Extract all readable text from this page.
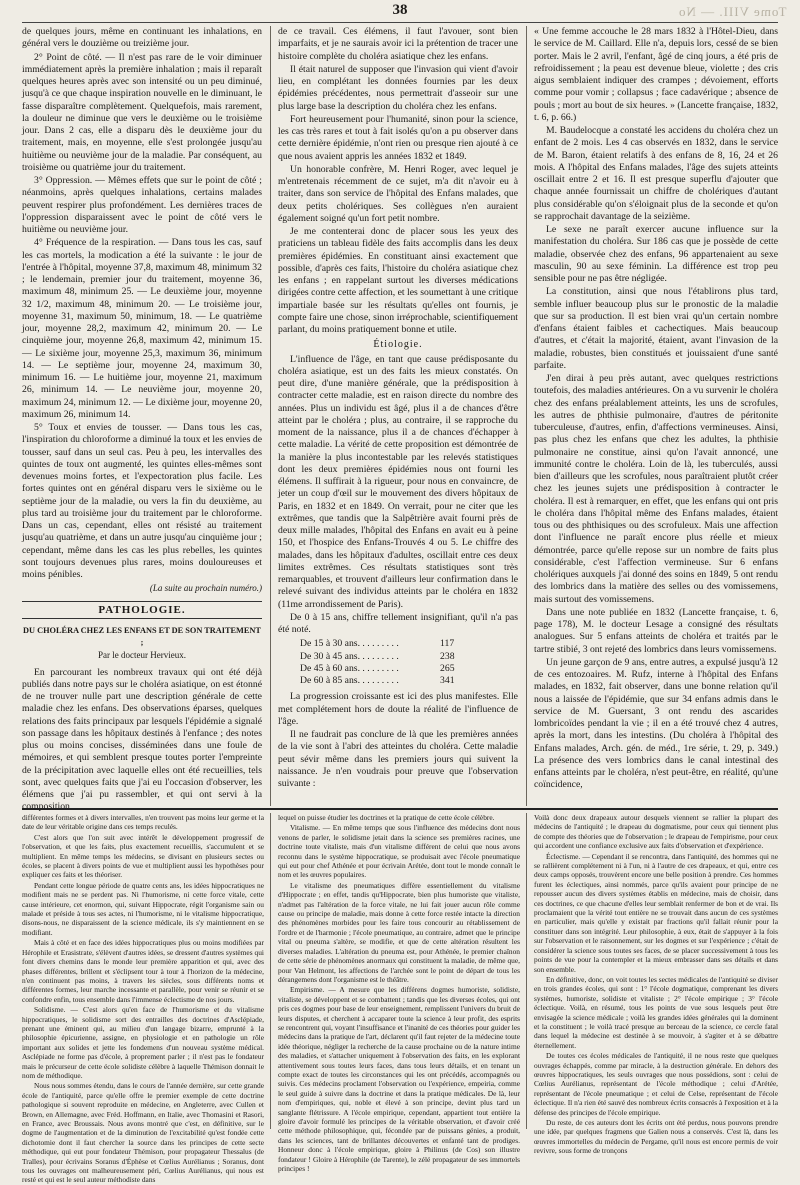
38	Tome VIII. — No

de quelques jours, même en continuant les inhalations, en général vers le douzième ou treizième jour.

2° Point de côté. — Il n'est pas rare de le voir diminuer immédiatement après la première inhalation ; mais il reparaît quelques heures après avec son intensité ou un peu diminué, jusqu'à ce que chaque inspiration nouvelle en le diminuant, le fasse disparaître complètement. Quelquefois, mais rarement, la douleur ne diminue que vers le deuxième ou le troisième jour. Dans 2 cas, elle a disparu dès le deuxième jour du traitement, mais, en moyenne, elle s'est prolongée jusqu'au huitième ou neuvième jour de la maladie. Par conséquent, au troisième ou quatrième jour du traitement.

3° Oppression. — Mêmes effets que sur le point de côté ; néanmoins, après quelques inhalations, certains malades peuvent respirer plus profondément. Les dernières traces de l'oppression disparaissent avec le point de côté vers le huitième ou neuvième jour.

4° Fréquence de la respiration. — Dans tous les cas, sauf les cas mortels, la modication a été la suivante : le jour de l'entrée à l'hôpital, moyenne 37,8, maximum 48, minimum 32 ; le lendemain, premier jour du traitement, moyenne 36, maximum 48, minimum 25. — Le deuxième jour, moyenne 32 1/2, maximum 48, minimum 20. — Le troisième jour, moyenne 31, maximum 50, minimum, 18. — Le quatrième jour, moyenne 28,2, maximum 42, minimum 20. — Le cinquième jour, moyenne 26,8, maximum 42, minimum 15. — Le sixième jour, moyenne 25,3, maximum 36, minimum 14. — Le septième jour, moyenne 24, maximum 30, minimum 16. — Le huitième jour, moyenne 21, maximum 26, minimum 14. — Le neuvième jour, moyenne 20, maximum 24, minimum 12. — Le dixième jour, moyenne 20, maximum 26, minimum 14.

5° Toux et envies de tousser. — Dans tous les cas, l'inspiration du chloroforme a diminué la toux et les envies de tousser, sauf dans un seul cas. Peu à peu, les intervalles des quintes de toux ont augmenté, les quintes elles-mêmes sont devenues moins fortes, et l'expectoration plus facile. Les fortes quintes ont en général disparu vers le sixième ou le septième jour de la maladie, ou vers la fin du deuxième, au plus tard au troisième jour du traitement par le chloroforme. Dans un cas, cependant, elles ont résisté au traitement jusqu'au quatrième, et dans un autre jusqu'au cinquième jour ; cependant, même dans les cas les plus rebelles, les quintes sont toujours devenues plus rares, moins douloureuses et moins pénibles.

(La suite au prochain numéro.)
PATHOLOGIE.
DU CHOLÉRA CHEZ LES ENFANS ET DE SON TRAITEMENT ;
Par le docteur Hervieux.

En parcourant les nombreux travaux qui ont été déjà publiés dans notre pays sur le choléra asiatique, on est étonné de ne trouver nulle part une description générale de cette maladie chez les enfans. Des observations éparses, quelques relations des faits principaux par lesquels l'épidémie a signalé son passage dans les hôpitaux destinés à l'enfance ; des notes plus ou moins concises, disséminées dans une foule de mémoires, et qui semblent presque toutes porter l'empreinte de la précipitation avec laquelle elles ont été recueillies, tels sont, avec quelques faits que j'ai eu l'occasion d'observer, les élémens que j'ai pu rassembler, et qui ont servi à la composition

de ce travail. Ces élémens, il faut l'avouer, sont bien imparfaits, et je ne saurais avoir ici la prétention de tracer une histoire complète du choléra asiatique chez les enfans.

Il était naturel de supposer que l'invasion qui vient d'avoir lieu, en complétant les données fournies par les deux épidémies précédentes, nous permettrait d'asseoir sur une plus large base la description du choléra chez les enfans.

Fort heureusement pour l'humanité, sinon pour la science, les cas très rares et tout à fait isolés qu'on a pu observer dans cette dernière épidémie, n'ont rien ou presque rien ajouté à ce que nous avaient appris les années 1832 et 1849.

Un honorable confrère, M. Henri Roger, avec lequel je m'entretenais récemment de ce sujet, m'a dit n'avoir eu à traiter, dans son service de l'hôpital des Enfans malades, que deux petits cholériques. Ses collègues n'en auraient également soigné qu'un fort petit nombre.

Je me contenterai donc de placer sous les yeux des praticiens un tableau fidèle des faits accomplis dans les deux premières épidémies. En constituant ainsi exactement que possible, d'après ces faits, l'histoire du choléra asiatique chez les enfans ; en rappelant surtout les diverses médications dirigées contre cette affection, et les soumettant à une critique impartiale basée sur les résultats qu'elles ont fournis, je compte faire une chose, sinon irréprochable, scientifiquement parlant, du moins pratiquement bonne et utile.

Étiologie.

L'influence de l'âge, en tant que cause prédisposante du choléra asiatique, est un des faits les mieux constatés. On peut dire, d'une manière générale, que la prédisposition à contracter cette maladie, est en raison directe du nombre des années. Plus un individu est âgé, plus il a de chances d'être atteint par le choléra ; plus, au contraire, il se rapproche du moment de la naissance, plus il a de chances d'échapper à cette maladie. La vérité de cette proposition est démontrée de la manière la plus incontestable par les relevés statistiques dont les deux premières épidémies nous ont fourni les élémens. Il suffirait à la rigueur, pour nous en convaincre, de jeter un coup d'œil sur le mouvement des divers hôpitaux de Paris, en 1832 et en 1849. On verrait, pour ne citer que les extrêmes, que tandis que la Salpêtrière avait fourni près de deux mille malades, l'hôpital des Enfans en avait eu à peine 150, et l'hospice des Enfans-Trouvés 4 ou 5. Le chiffre des malades, dans les hôpitaux d'adultes, oscillait entre ces deux limites extrêmes. Ces résultats statistiques sont très remarquables, et trouvent d'ailleurs leur confirmation dans le relevé suivant des individus atteints par le choléra en 1832 (11me arrondissement de Paris).

De 0 à 15 ans, chiffre tellement insignifiant, qu'il n'a pas été noté.

De 15 à 30 ans. . . . . . . . .	117
De 30 à 45 ans. . . . . . . . .	238
De 45 à 60 ans. . . . . . . . .	265
De 60 à 85 ans. . . . . . . . .	341

La progression croissante est ici des plus manifestes. Elle met complétement hors de doute la réalité de l'influence de l'âge.

Il ne faudrait pas conclure de là que les premières années de la vie sont à l'abri des atteintes du choléra. Cette maladie peut sévir même dans les premiers jours qui suivent la naissance. Je n'en voudrais pour preuve que l'observation suivante :

« Une femme accouche le 28 mars 1832 à l'Hôtel-Dieu, dans le service de M. Caillard. Elle n'a, depuis lors, cessé de se bien porter. Mais le 2 avril, l'enfant, âgé de cinq jours, a été pris de refroidissement ; la peau est devenue bleue, violette ; des cris aigus semblaient indiquer des crampes ; dévoiement, efforts comme pour vomir ; collapsus ; face cadavérique ; absence de pouls ; mort au bout de six heures. » (Lancette française, 1832, t. 6, p. 66.)

M. Baudelocque a constaté les accidens du choléra chez un enfant de 2 mois. Les 4 cas observés en 1832, dans le service de M. Baron, étaient relatifs à des enfans de 8, 16, 24 et 26 mois. A l'hôpital des Enfans malades, l'âge des sujets atteints oscillait entre 2 et 16. Il est presque superflu d'ajouter que chaque année fournissait un chiffre de cholériques d'autant plus considérable qu'on s'éloignait plus de la seconde et qu'on se rapprochait davantage de la seizième.

Le sexe ne paraît exercer aucune influence sur la manifestation du choléra. Sur 186 cas que je possède de cette maladie, observée chez des enfans, 96 appartenaient au sexe masculin, 90 au sexe féminin. La différence est trop peu sensible pour ne pas être négligée.

La constitution, ainsi que nous l'établirons plus tard, semble influer beaucoup plus sur le pronostic de la maladie que sur sa production. Il est bien vrai qu'un certain nombre d'enfans étaient faibles et cachectiques. Mais beaucoup d'autres, et c'était la majorité, étaient, avant l'invasion de la maladie, robustes, bien constitués et jouissaient d'une santé parfaite.

J'en dirai à peu près autant, avec quelques restrictions toutefois, des maladies antérieures. On a vu survenir le choléra chez des enfans préalablement atteints, les uns de scrofules, les autres de phthisie pulmonaire, d'autres de péritonite tuberculeuse, d'autres, enfin, d'affections vermineuses. Ainsi, pas plus chez les enfans que chez les adultes, la phthisie pulmonaire ne constitue, ainsi qu'on l'avait annoncé, une immunité contre le choléra. Loin de là, les tuberculés, aussi bien d'ailleurs que les scrofules, nous paraîtraient plutôt créer chez les jeunes sujets une prédisposition à contracter le choléra. Il est à remarquer, en effet, que les enfans qui ont pris le choléra dans l'hôpital même des Enfans malades, étaient tous ou des phthisiques ou des scrofuleux. Mais une affection dont l'influence ne paraît encore plus réelle et mieux démontrée, parce qu'elle repose sur un nombre de faits plus considérable, c'est l'affection vermineuse. Sur 6 enfans cholériques auxquels j'ai donné des soins en 1849, 5 ont rendu des lombrics dans la matière des selles ou des vomissemens, mais surtout des vomissemens.

Dans une note publiée en 1832 (Lancette française, t. 6, page 178), M. le docteur Lesage a consigné des résultats analogues. Sur 5 enfans atteints de choléra et traités par le tartre stibié, 3 ont rejeté des lombrics dans leurs vomissemens.

Un jeune garçon de 9 ans, entre autres, a expulsé jusqu'à 12 de ces entozoaires. M. Rufz, interne à l'hôpital des Enfans malades, en 1832, fait observer, dans une bonne relation qu'il nous a laissée de l'épidémie, que sur 34 enfans admis dans le service de M. Guersant, 3 ont rendu des ascarides lombricoïdes pendant la vie ; il en a été trouvé chez 4 autres, après la mort, dans les intestins. (Du choléra à l'hôpital des Enfans malades, Arch. gén. de méd., 1re série, t. 29, p. 349.) La présence des vers lombrics dans le canal intestinal des enfans atteints par le choléra, n'est peut-être, en réalité, qu'une coïncidence,

différentes formes et à divers intervalles, n'en trouvent pas moins leur germe et la date de leur véritable origine dans ces temps reculés.

C'est alors que l'on suit avec intérêt le développement progressif de l'observation, et que les faits, plus exactement recueillis, s'accumulent et se multiplient. En même temps les médecins, se divisant en plusieurs sectes ou écoles, se placent à divers points de vue et multiplient aussi les hypothèses pour expliquer ces faits et les théoriser.

Pendant cette longue période de quatre cents ans, les idées hippocratiques ne modifient mais ne se perdent pas. Ni l'humorisme, ni cette force vitale, cette cause intérieure, cet enormon, qui, suivant Hippocrate, régit l'organisme sain ou malade et préside à tous ses actes, ni l'humorisme, ni le vitalisme hippocratique, disons-nous, ne disparaissent de la science médicale, ils s'y maintiennent en se modifiant.

Mais à côté et en face des idées hippocratiques plus ou moins modifiées par Hérophile et Erasistrate, s'élèvent d'autres idées, se dressent d'autres systèmes qui font divers chemins dans le monde leur première apparition et qui, avec des phases différentes, brillent et s'éclipsent tour à tour à l'horizon de la médecine, n'en continuent pas moins, à travers les siècles, sous différents noms et différentes formes, leur marche incessante et parallèle, pour venir se réunir et se confondre enfin, tous ensemble dans l'immense éclectisme de nos jours.

Solidisme. — C'est alors qu'en face de l'humorisme et du vitalisme hippocratiques, le solidisme sort des entrailles des doctrines d'Asclépiade, prenant une éminent qui, au milieu d'un langage bizarre, emprunté à la philosophie épicurienne, assigne, en physiologie et en pathologie un rôle important aux solides et jette les fondemens d'un nouveau système médical. Asclépiade ne forme pas d'école, à proprement parler ; il n'est pas le fondateur mais le précurseur de cette école solidiste célèbre à laquelle Thémison donnait le nom de méthodique.

Nous nous sommes étendu, dans le cours de l'année dernière, sur cette grande école de l'antiquité, parce qu'elle offre le premier exemple de cette doctrine pathologique si souvent reproduite en médecine, en Angleterre, avec Cullen et Brown, en Allemagne, avec Fréd. Hoffmann, en Italie, avec Thomasini et Rasori, en France, avec Broussais. Nous avons montré que c'est, en définitive, sur le dogme de l'augmentation et de la diminution de l'excitabilité qu'est fondée cette dichotomie dont il faut chercher la source dans les principes de cette secte méthodique, qui eut pour fondateur Thémison, pour propagateur Thessalus (de Tralles), pour écrivains Soranus d'Éphèse et Cœlius Aurélianus ; Soranus, dont tous les ouvrages ont malheureusement péri, Cœlius Aurélianus, qui nous est resté et qui est le seul auteur méthodiste dans

lequel on puisse étudier les doctrines et la pratique de cette école célèbre.

Vitalisme. — En même temps que sous l'influence des médecins dont nous venons de parler, le solidisme jetait dans la science ses premières racines, une doctrine toute vitaliste, mais d'un vitalisme différent de celui que nous avons reconnu dans le système hippocratique, se produisait avec l'école pneumatique qui eut pour chef Athénée et pour écrivain Arétée, dont tout le monde connaît le nom et les œuvres populaires.

Le vitalisme des pneumatiques diffère essentiellement du vitalisme d'Hippocrate ; en effet, tandis qu'Hippocrate, bien plus humoriste que vitaliste, n'admet pas l'altération de la force vitale, ne lui fait jouer aucun rôle comme cause ou principe de maladie, mais donne à cette force restée intacte la direction des phénomènes morbides pour les faire tous concourir au rétablissement de l'ordre et de l'harmonie ; l'école pneumatique, au contraire, admet que le principe vital ou pneuma s'altère, se modifie, et que de cette altération résultent les diverses maladies. L'altération du pneuma est, pour Athénée, le premier chaînon de cette série de phénomènes anormaux qui constituent la maladie, de même que, pour Van Helmont, les affections de l'archée sont le point de départ de tous les dérangemens dont l'organisme est le théâtre.

Empirisme. — A mesure que les différens dogmes humoriste, solidiste, vitaliste, se développent et se combattent ; tandis que les diverses écoles, qui ont pris ces dogmes pour base de leur enseignement, remplissent l'univers du bruit de leurs disputes, et cherchent à accaparer toute la science à leur profit, des esprits se rencontrent qui, voyant l'insuffisance et l'inanité de ces théories pour guider les médecins dans la pratique de l'art, déclarent qu'il faut rejeter de la médecine toute idée théorique, négliger la recherche de la cause prochaine ou de la nature intime des maladies, et s'attacher uniquement à l'observation des faits, en les explorant attentivement sous toutes leurs faces, dans tous leurs détails, et en tenant un compte exact de toutes les circonstances qui les ont précédés, accompagnés ou suivis. Ces médecins proclament l'observation ou l'expérience, empeiria, comme le seul guide à suivre dans la doctrine et dans la pratique médicales. De là, leur nom d'empiriques, qui, noble et élevé à son principe, devint plus tard un sanglante flétrissure. A l'école empirique, cependant, appartient tout entière la gloire d'avoir formulé les principes de la véritable observation, et d'avoir créé cette méthode philosophique, qui, fécondée par de puissans génies, a produit, dans les sciences, tant de brillantes découvertes et enfanté tant de prodiges. Honneur donc à l'école empirique, gloire à Philinus (de Cos) son illustre fondateur ! Gloire à Hérophile (de Tarente), le zélé propagateur de ses immortels principes !

Voilà donc deux drapeaux autour desquels viennent se rallier la plupart des médecins de l'antiquité ; le drapeau du dogmatisme, pour ceux qui tiennent plus de compte des théories que de l'observation ; le drapeau de l'empirisme, pour ceux qui accordent une confiance exclusive aux faits d'observation et d'expérience.

Éclectisme. — Cependant il se rencontra, dans l'antiquité, des hommes qui ne se rallièrent complétement ni à l'un, ni à l'autre de ces drapeaux, et qui, entre ces deux camps opposés, trouvèrent encore une belle position à prendre. Ces hommes furent les éclectiques, ainsi nommés, parce qu'ils avaient pour principe de ne repousser aucun des divers systèmes établis en médecine, mais de choisir, dans ces doctrines, ce que chacune d'elles leur semblait renfermer de bon et de vrai. Ils proclamaient que la vérité tout entière ne se trouvait dans aucun de ces systèmes en particulier, mais qu'elle y existait par fractions qu'il fallait réunir pour la constituer dans son intégrité. Leur philosophie, à eux, était de s'appuyer à la fois sur l'observation et le raisonnement, sur les dogmes et sur l'expérience ; c'était de considérer la science sous toutes ses faces, de se placer successivement à tous les points de vue pour la contempler et la mieux embrasser dans ses détails et dans son ensemble.

En définitive, donc, on voit toutes les sectes médicales de l'antiquité se diviser en trois grandes écoles, qui sont : 1° l'école dogmatique, comprenant les divers systèmes, humoriste, solidiste et vitaliste ; 2° l'école empirique ; 3° l'école éclectique. Voilà, en résumé, tous les points de vue sous lesquels peut être envisagée la science médicale ; voilà les grandes idées générales qui la dominent et la constituent ; le voilà tracé presque au berceau de la science, ce cercle fatal dans lequel la médecine est destinée à se mouvoir, à s'agiter et à se débattre éternellement.

De toutes ces écoles médicales de l'antiquité, il ne nous reste que quelques ouvrages échappés, comme par miracle, à la destruction générale. En dehors des œuvres hippocratiques, les seuls ouvrages que nous possédions, sont : celui de Cœlius Aurélianus, représentant de l'école méthodique ; celui d'Arétée, représentant de l'école pneumatique ; et celui de Celse, représentant de l'école éclectique. Il n'a rien été sauvé des nombreux écrits consacrés à l'exposition et à la défense des principes de l'école empirique.

Du reste, de ces auteurs dont les écrits ont été perdus, nous pouvons prendre une idée, par quelques fragmens que Galien nous a conservés. C'est là, dans les œuvres immortelles du médecin de Pergame, qu'il nous est encore permis de voir revivre, sous forme de tronçons
